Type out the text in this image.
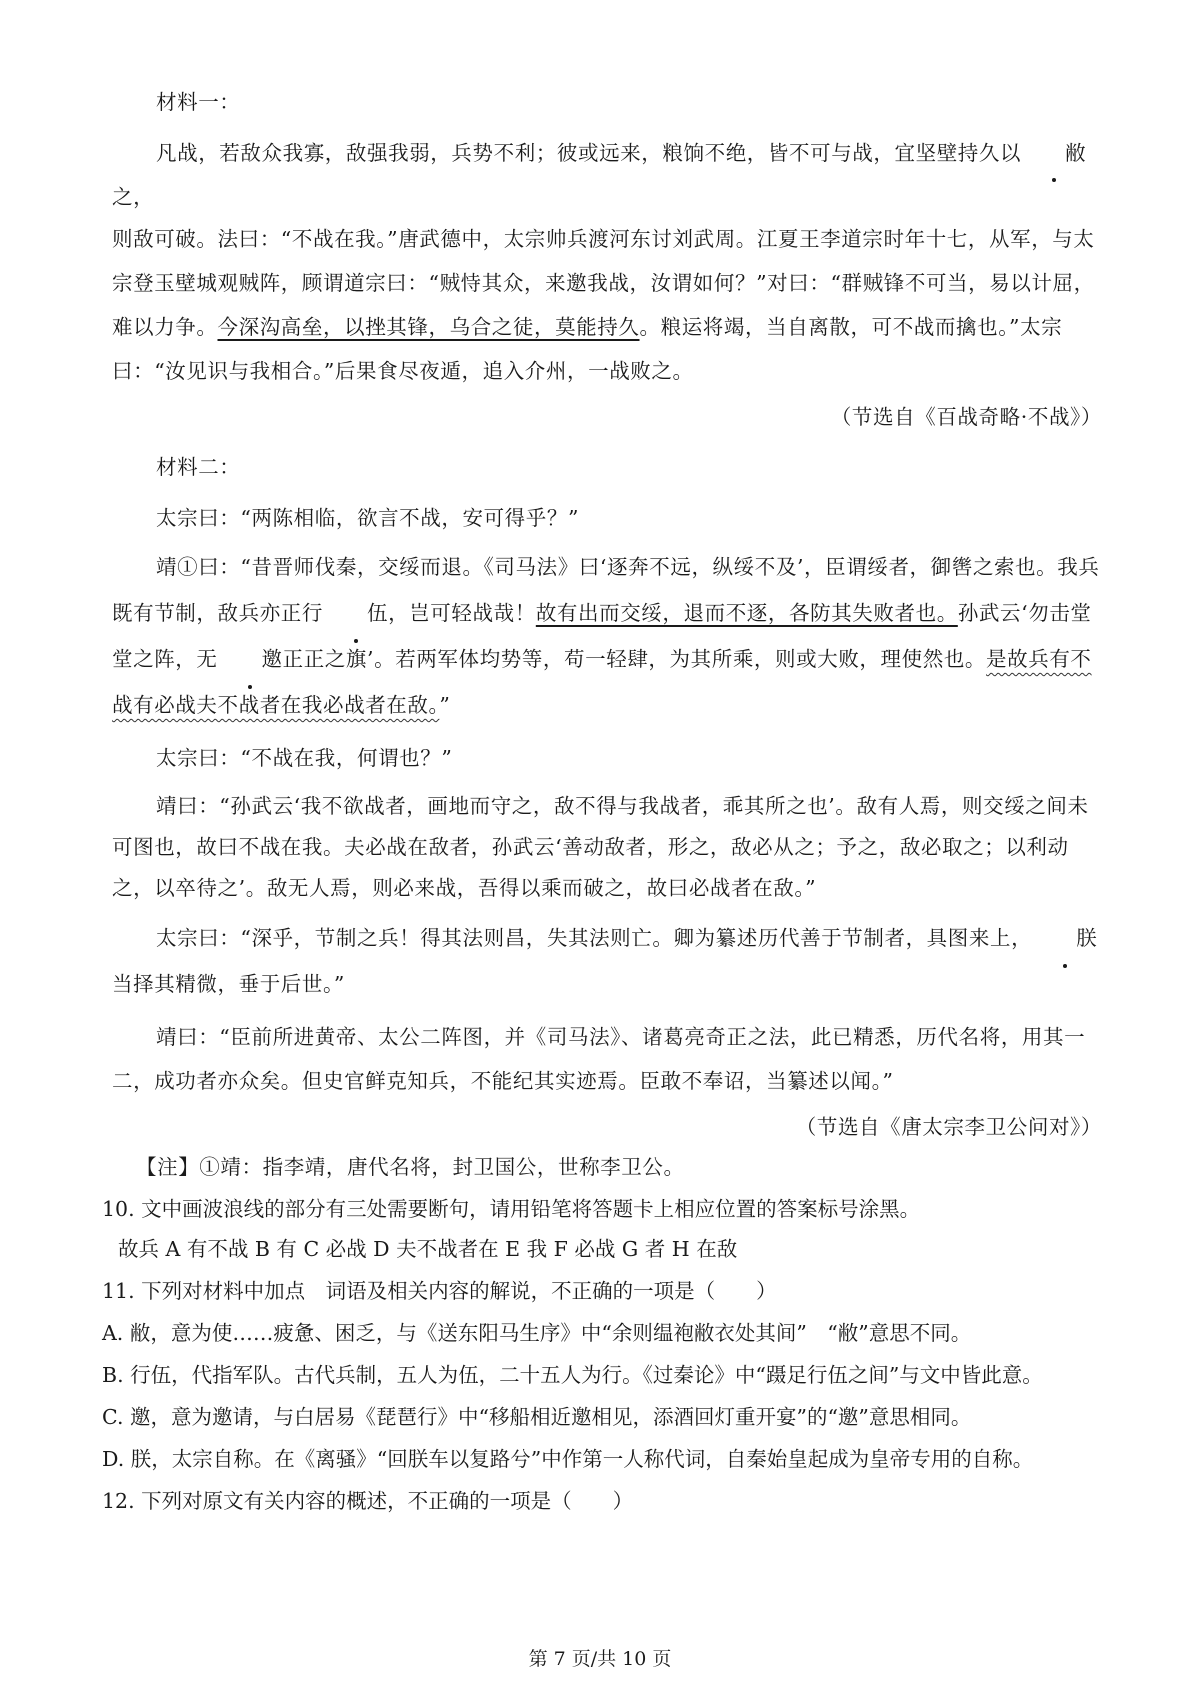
材料一：

凡战，若敌众我寡，敌强我弱，兵势不利；彼或远来，粮饷不绝，皆不可与战，宜坚壁持久以 敝之，

则敌可破。法曰：“不战在我。”唐武德中，太宗帅兵渡河东讨刘武周。江夏王李道宗时年十七，从军，与太宗登玉壁城观贼阵，顾谓道宗曰：“贼恃其众，来邀我战，汝谓如何？”对曰：“群贼锋不可当，易以计屈，难以力争。今深沟高垒，以挫其锋，乌合之徒，莫能持久。粮运将竭，当自离散，可不战而擒也。”太宗曰：“汝见识与我相合。”后果食尽夜遁，追入介州，一战败之。

（节选自《百战奇略·不战》）

材料二：

太宗曰：“两陈相临，欲言不战，安可得乎？”

靖①曰：“昔晋师伐秦，交绥而退。《司马法》曰‘逐奔不远，纵绥不及’，臣谓绥者，御辔之索也。我兵既有节制，敌兵亦正行 伍，岂可轻战哉！故有出而交绥，退而不逐，各防其失败者也。孙武云‘勿击堂堂之阵，无 邀正正之旗’。若两军体均势等，苟一轻肆，为其所乘，则或大败，理使然也。是故兵有不战有必战夫不战者在我必战者在敌。”

太宗曰：“不战在我，何谓也？”

靖曰：“孙武云‘我不欲战者，画地而守之，敌不得与我战者，乖其所之也’。敌有人焉，则交绥之间未可图也，故曰不战在我。夫必战在敌者，孙武云‘善动敌者，形之，敌必从之；予之，敌必取之；以利动之，以卒待之’。敌无人焉，则必来战，吾得以乘而破之，故曰必战者在敌。”

太宗曰：“深乎，节制之兵！得其法则昌，失其法则亡。卿为纂述历代善于节制者，具图来上， 朕当择其精微，垂于后世。”

靖曰：“臣前所进黄帝、太公二阵图，并《司马法》、诸葛亮奇正之法，此已精悉，历代名将，用其一二，成功者亦众矣。但史官鲜克知兵，不能纪其实迹焉。臣敢不奉诏，当纂述以闻。”

（节选自《唐太宗李卫公问对》）

【注】①靖：指李靖，唐代名将，封卫国公，世称李卫公。

10. 文中画波浪线的部分有三处需要断句，请用铅笔将答题卡上相应位置的答案标号涂黑。

故兵 A 有不战 B 有 C 必战 D 夫不战者在 E 我 F 必战 G 者 H 在敌

11. 下列对材料中加点　词语及相关内容的解说，不正确的一项是（　　）

A. 敝，意为使……疲惫、困乏，与《送东阳马生序》中“余则缊袍敝衣处其间”　“敝”意思不同。

B. 行伍，代指军队。古代兵制，五人为伍，二十五人为行。《过秦论》中“蹑足行伍之间”与文中皆此意。

C. 邀，意为邀请，与白居易《琵琶行》中“移船相近邀相见，添酒回灯重开宴”的“邀”意思相同。

D. 朕，太宗自称。在《离骚》“回朕车以复路兮”中作第一人称代词，自秦始皇起成为皇帝专用的自称。

12. 下列对原文有关内容的概述，不正确的一项是（　　）

第 7 页/共 10 页
